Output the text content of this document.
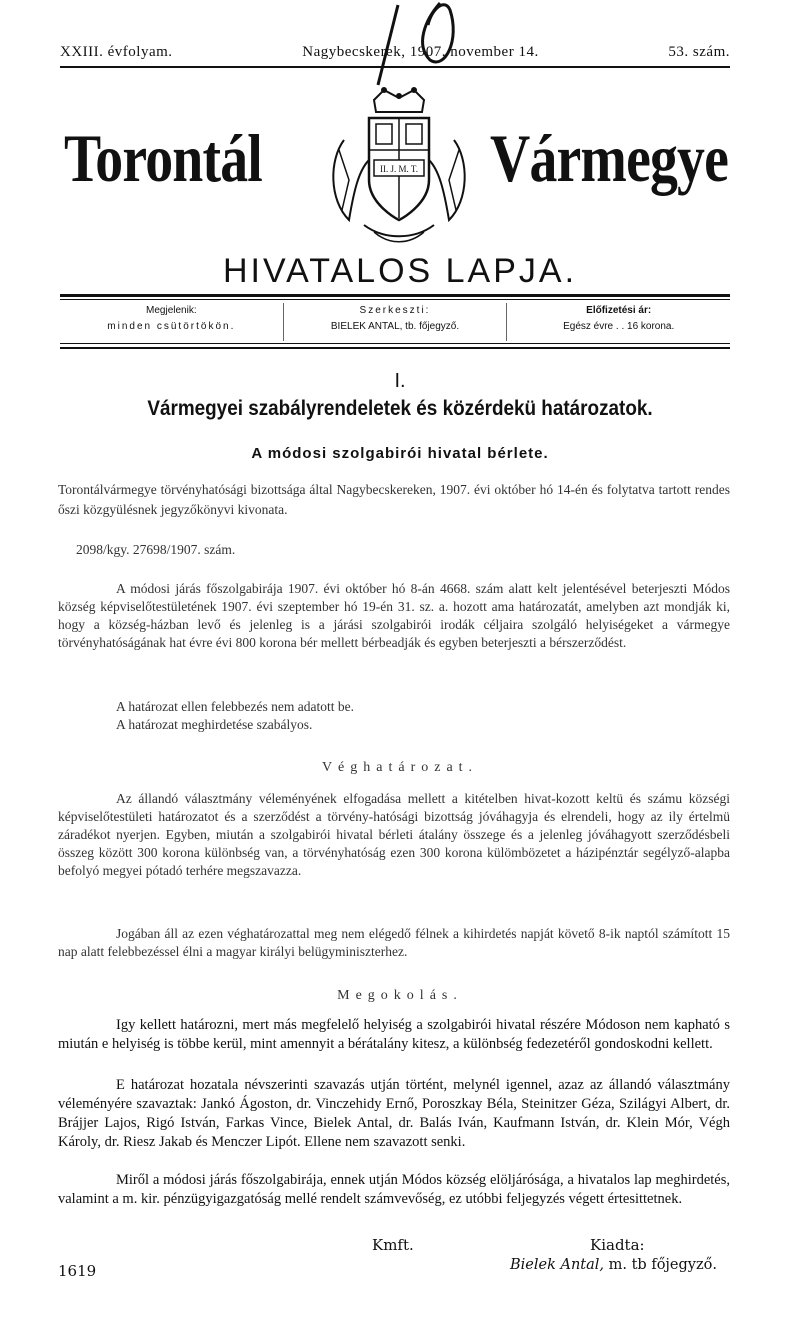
XXIII. évfolyam.	Nagybecskerek, 1907. november 14.	53. szám.
Torontál	Vármegye
II. J. M. T.
HIVATALOS LAPJA.
Megjelenik:
minden csütörtökön.
Szerkeszti:
BIELEK ANTAL, tb. főjegyző.
Előfizetési ár:
Egész évre . . 16 korona.
I.
Vármegyei szabályrendeletek és közérdekü határozatok.
A módosi szolgabirói hivatal bérlete.
Torontálvármegye törvényhatósági bizottsága által Nagybecskereken, 1907. évi október hó 14-én és folytatva tartott rendes őszi közgyülésnek jegyzőkönyvi kivonata.
2098/kgy. 27698/1907. szám.
A módosi járás főszolgabirája 1907. évi október hó 8-án 4668. szám alatt kelt jelentésével beterjeszti Módos község képviselőtestületének 1907. évi szeptember hó 19-én 31. sz. a. hozott ama határozatát, amelyben azt mondják ki, hogy a község-házban levő és jelenleg is a járási szolgabirói irodák céljaira szolgáló helyiségeket a vármegye törvényhatóságának hat évre évi 800 korona bér mellett bérbeadják és egyben beterjeszti a bérszerződést.
A határozat ellen felebbezés nem adatott be.
A határozat meghirdetése szabályos.
Véghatározat.
Az állandó választmány véleményének elfogadása mellett a kitételben hivat-kozott keltü és számu községi képviselőtestületi határozatot és a szerződést a törvény-hatósági bizottság jóváhagyja és elrendeli, hogy az ily értelmü záradékot nyerjen. Egyben, miután a szolgabirói hivatal bérleti átalány összege és a jelenleg jóváhagyott szerződésbeli összeg között 300 korona különbség van, a törvényhatóság ezen 300 korona külömbözetet a házipénztár segélyző-alapba befolyó megyei pótadó terhére megszavazza.
Jogában áll az ezen véghatározattal meg nem elégedő félnek a kihirdetés napját követő 8-ik naptól számított 15 nap alatt felebbezéssel élni a magyar királyi belügyminiszterhez.
Megokolás.
Igy kellett határozni, mert más megfelelő helyiség a szolgabirói hivatal részére Módoson nem kapható s miután e helyiség is többe kerül, mint amennyit a bérátalány kitesz, a különbség fedezetéről gondoskodni kellett.
E határozat hozatala névszerinti szavazás utján történt, melynél igennel, azaz az állandó választmány véleményére szavaztak: Jankó Ágoston, dr. Vinczehidy Ernő, Poroszkay Béla, Steinitzer Géza, Szilágyi Albert, dr. Brájjer Lajos, Rigó István, Farkas Vince, Bielek Antal, dr. Balás Iván, Kaufmann István, dr. Klein Mór, Végh Károly, dr. Riesz Jakab és Menczer Lipót. Ellene nem szavazott senki.
Miről a módosi járás főszolgabirája, ennek utján Módos község elöljárósága, a hivatalos lap meghirdetés, valamint a m. kir. pénzügyigazgatóság mellé rendelt számvevőség, ez utóbbi feljegyzés végett értesittetnek.
Kmft.	Kiadta:
1619	Bielek Antal, m. tb főjegyző.
